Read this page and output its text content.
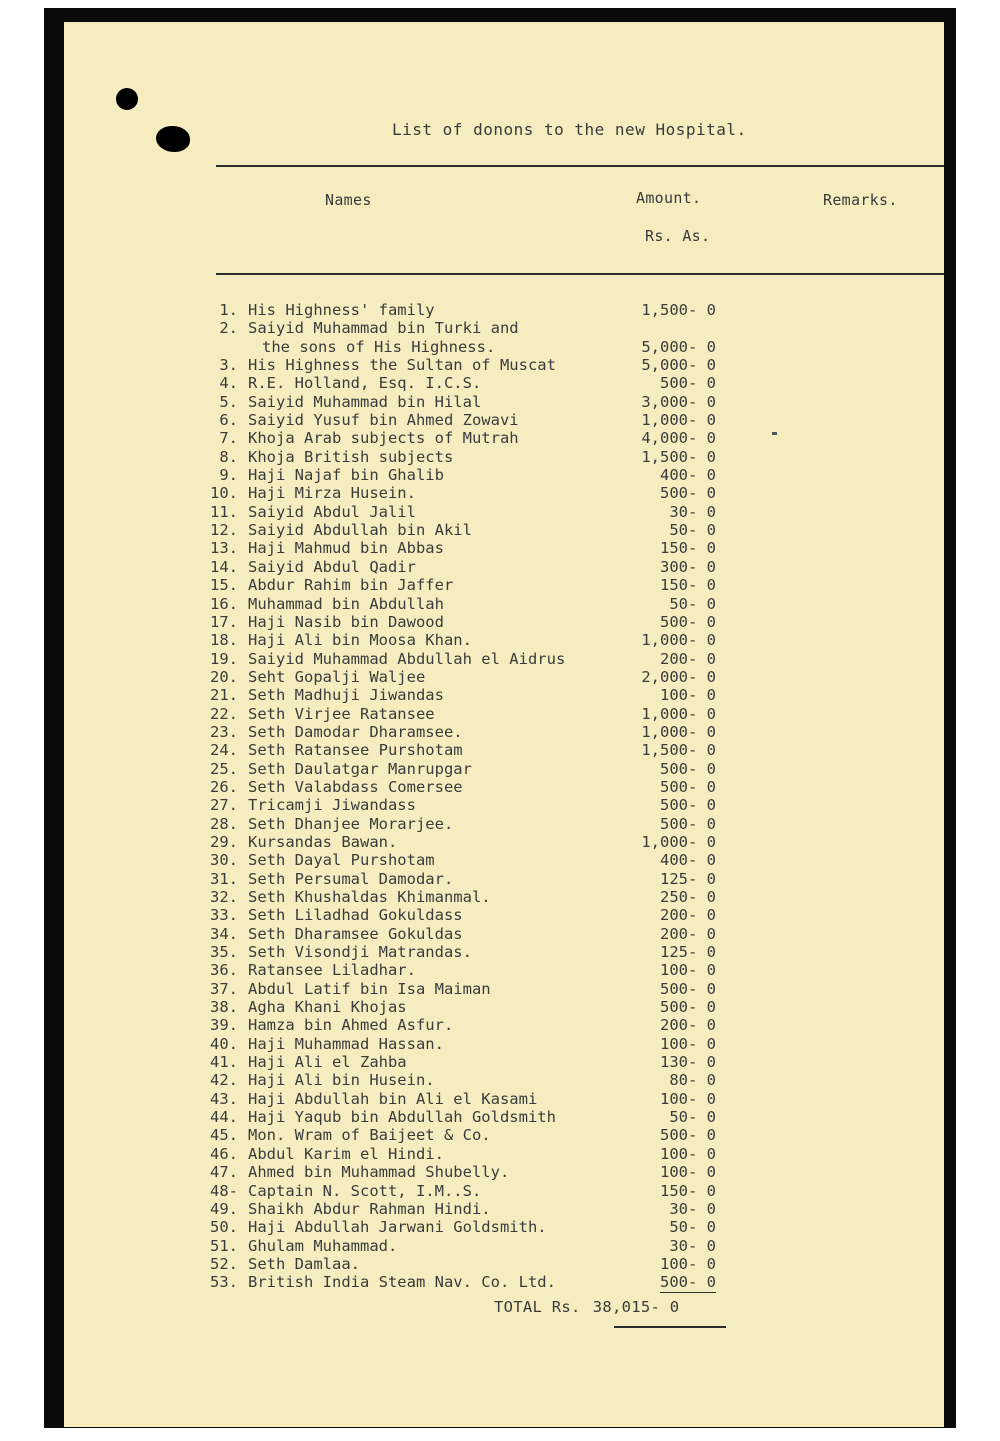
List of donons to the new Hospital.
Names	Amount.
Rs. As.
Remarks.
1. His Highness' family	1,500- 0
2. Saiyid Muhammad bin Turki and
the sons of His Highness.	5,000- 0
3. His Highness the Sultan of Muscat	5,000- 0
4. R.E. Holland, Esq. I.C.S.	500- 0
5. Saiyid Muhammad bin Hilal	3,000- 0
6. Saiyid Yusuf bin Ahmed Zowavi	1,000- 0
7. Khoja Arab subjects of Mutrah	4,000- 0
8. Khoja British subjects	1,500- 0
9. Haji Najaf bin Ghalib	400- 0
10. Haji Mirza Husein.	500- 0
11. Saiyid Abdul Jalil	30- 0
12. Saiyid Abdullah bin Akil	50- 0
13. Haji Mahmud bin Abbas	150- 0
14. Saiyid Abdul Qadir	300- 0
15. Abdur Rahim bin Jaffer	150- 0
16. Muhammad bin Abdullah	50- 0
17. Haji Nasib bin Dawood	500- 0
18. Haji Ali bin Moosa Khan.	1,000- 0
19. Saiyid Muhammad Abdullah el Aidrus	200- 0
20. Seht Gopalji Waljee	2,000- 0
21. Seth Madhuji Jiwandas	100- 0
22. Seth Virjee Ratansee	1,000- 0
23. Seth Damodar Dharamsee.	1,000- 0
24. Seth Ratansee Purshotam	1,500- 0
25. Seth Daulatgar Manrupgar	500- 0
26. Seth Valabdass Comersee	500- 0
27. Tricamji Jiwandass	500- 0
28. Seth Dhanjee Morarjee.	500- 0
29. Kursandas Bawan.	1,000- 0
30. Seth Dayal Purshotam	400- 0
31. Seth Persumal Damodar.	125- 0
32. Seth Khushaldas Khimanmal.	250- 0
33. Seth Liladhad Gokuldass	200- 0
34. Seth Dharamsee Gokuldas	200- 0
35. Seth Visondji Matrandas.	125- 0
36. Ratansee Liladhar.	100- 0
37. Abdul Latif bin Isa Maiman	500- 0
38. Agha Khani Khojas	500- 0
39. Hamza bin Ahmed Asfur.	200- 0
40. Haji Muhammad Hassan.	100- 0
41. Haji Ali el Zahba	130- 0
42. Haji Ali bin Husein.	80- 0
43. Haji Abdullah bin Ali el Kasami	100- 0
44. Haji Yaqub bin Abdullah Goldsmith	50- 0
45. Mon. Wram of Baijeet & Co.	500- 0
46. Abdul Karim el Hindi.	100- 0
47. Ahmed bin Muhammad Shubelly.	100- 0
48- Captain N. Scott, I.M..S.	150- 0
49. Shaikh Abdur Rahman Hindi.	30- 0
50. Haji Abdullah Jarwani Goldsmith.	50- 0
51. Ghulam Muhammad.	30- 0
52. Seth Damlaa.	100- 0
53. British India Steam Nav. Co. Ltd.	500- 0
TOTAL Rs. 38,015- 0
